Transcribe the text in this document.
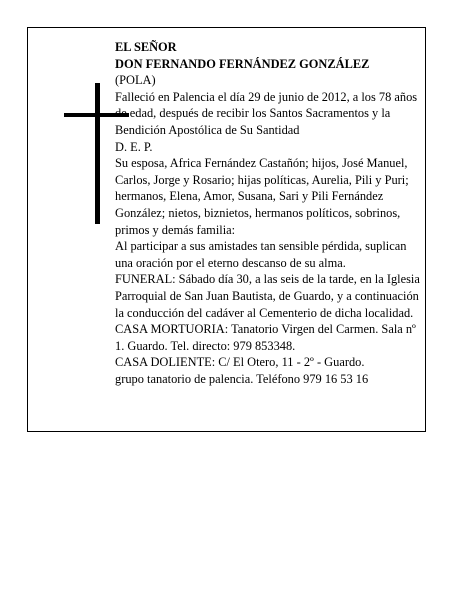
EL SEÑOR

DON FERNANDO FERNÁNDEZ GONZÁLEZ

(POLA)

Falleció en Palencia el día 29 de junio de 2012, a los 78 años de edad, después de recibir los Santos Sacramentos y la Bendición Apostólica de Su Santidad

D. E. P.

Su esposa, Africa Fernández Castañón; hijos, José Manuel, Carlos, Jorge y Rosario; hijas políticas, Aurelia, Pili y Puri; hermanos, Elena, Amor, Susana, Sari y Pili Fernández González; nietos, biznietos, hermanos políticos, sobrinos, primos y demás familia:

Al participar a sus amistades tan sensible pérdida, suplican una oración por el eterno descanso de su alma.

FUNERAL: Sábado día 30, a las seis de la tarde, en la Iglesia Parroquial de San Juan Bautista, de Guardo, y a continuación la conducción del cadáver al Cementerio de dicha localidad.

CASA MORTUORIA: Tanatorio Virgen del Carmen. Sala nº 1. Guardo. Tel. directo: 979 853348.

CASA DOLIENTE: C/ El Otero, 11 - 2º - Guardo.

grupo tanatorio de palencia. Teléfono 979 16 53 16
